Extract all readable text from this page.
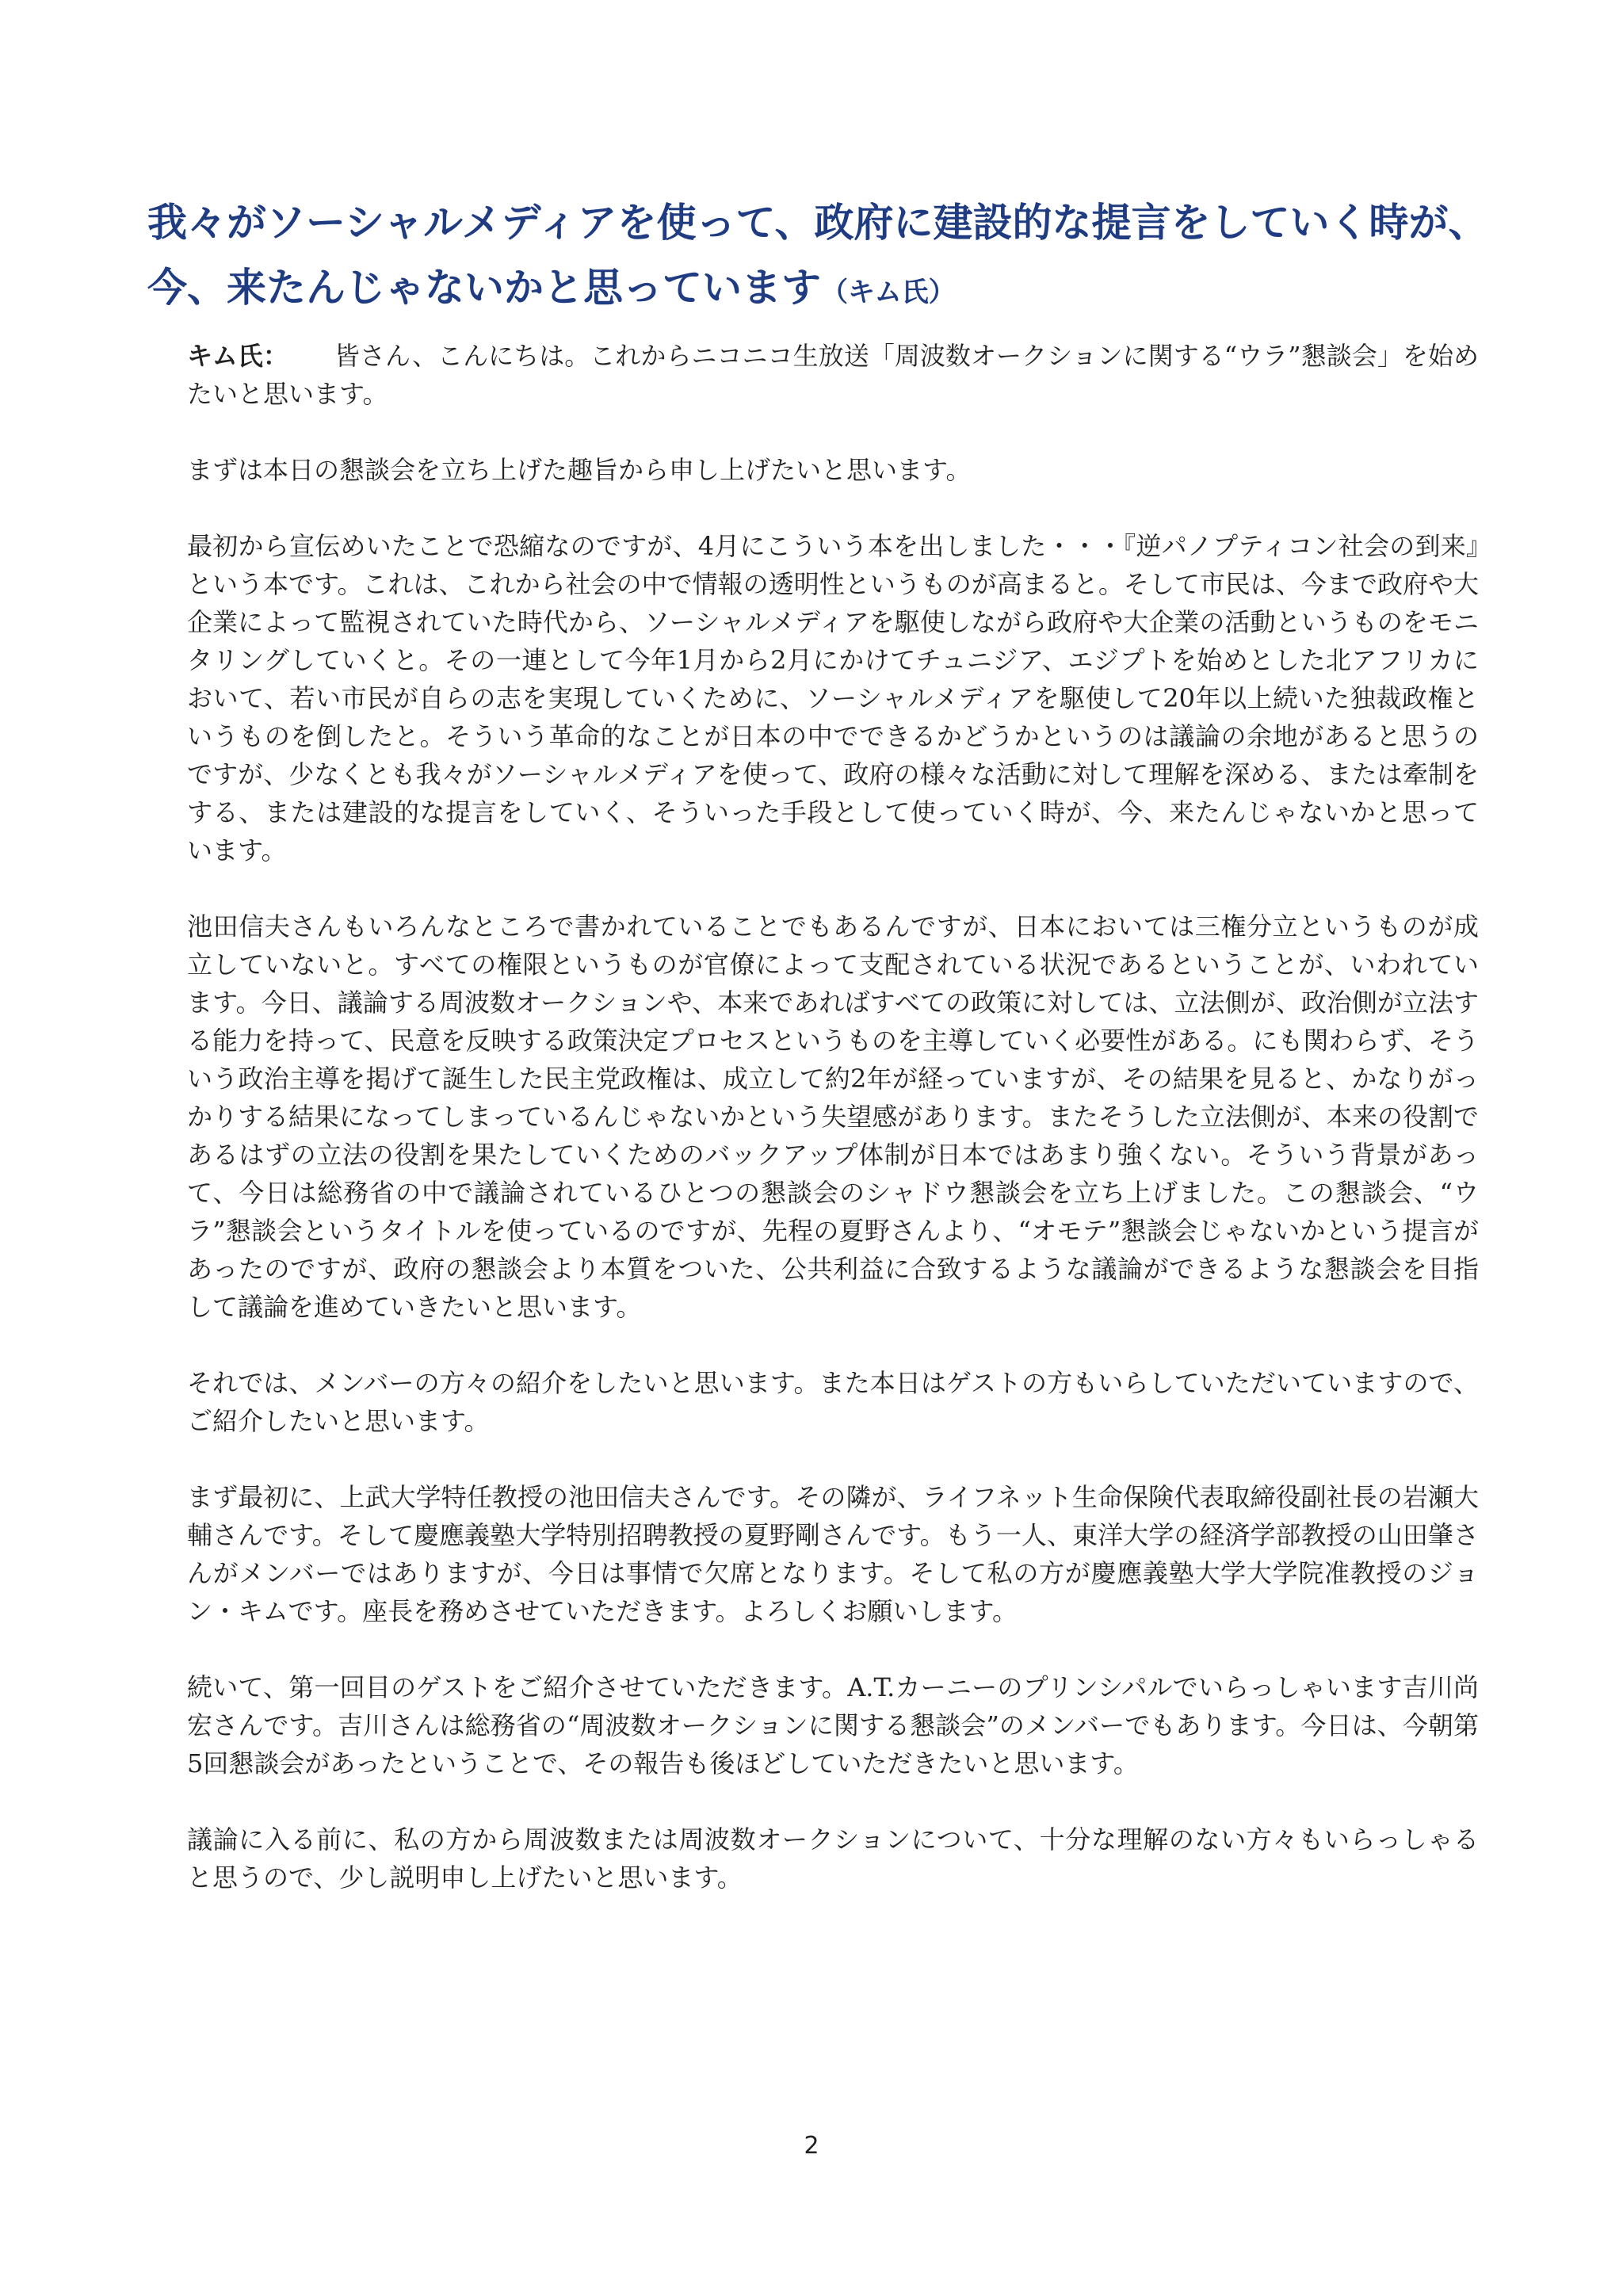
我々がソーシャルメディアを使って、政府に建設的な提言をしていく時が、今、来たんじゃないかと思っています（キム氏）

キム氏： 皆さん、こんにちは。これからニコニコ生放送「周波数オークションに関する“ウラ”懇談会」を始めたいと思います。

まずは本日の懇談会を立ち上げた趣旨から申し上げたいと思います。

最初から宣伝めいたことで恐縮なのですが、4月にこういう本を出しました・・・『逆パノプティコン社会の到来』という本です。これは、これから社会の中で情報の透明性というものが高まると。そして市民は、今まで政府や大企業によって監視されていた時代から、ソーシャルメディアを駆使しながら政府や大企業の活動というものをモニタリングしていくと。その一連として今年1月から2月にかけてチュニジア、エジプトを始めとした北アフリカにおいて、若い市民が自らの志を実現していくために、ソーシャルメディアを駆使して20年以上続いた独裁政権というものを倒したと。そういう革命的なことが日本の中でできるかどうかというのは議論の余地があると思うのですが、少なくとも我々がソーシャルメディアを使って、政府の様々な活動に対して理解を深める、または牽制をする、または建設的な提言をしていく、そういった手段として使っていく時が、今、来たんじゃないかと思っています。

池田信夫さんもいろんなところで書かれていることでもあるんですが、日本においては三権分立というものが成立していないと。すべての権限というものが官僚によって支配されている状況であるということが、いわれています。今日、議論する周波数オークションや、本来であればすべての政策に対しては、立法側が、政治側が立法する能力を持って、民意を反映する政策決定プロセスというものを主導していく必要性がある。にも関わらず、そういう政治主導を掲げて誕生した民主党政権は、成立して約2年が経っていますが、その結果を見ると、かなりがっかりする結果になってしまっているんじゃないかという失望感があります。またそうした立法側が、本来の役割であるはずの立法の役割を果たしていくためのバックアップ体制が日本ではあまり強くない。そういう背景があって、今日は総務省の中で議論されているひとつの懇談会のシャドウ懇談会を立ち上げました。この懇談会、“ウラ”懇談会というタイトルを使っているのですが、先程の夏野さんより、“オモテ”懇談会じゃないかという提言があったのですが、政府の懇談会より本質をついた、公共利益に合致するような議論ができるような懇談会を目指して議論を進めていきたいと思います。

それでは、メンバーの方々の紹介をしたいと思います。また本日はゲストの方もいらしていただいていますので、ご紹介したいと思います。

まず最初に、上武大学特任教授の池田信夫さんです。その隣が、ライフネット生命保険代表取締役副社長の岩瀬大輔さんです。そして慶應義塾大学特別招聘教授の夏野剛さんです。もう一人、東洋大学の経済学部教授の山田肇さんがメンバーではありますが、今日は事情で欠席となります。そして私の方が慶應義塾大学大学院准教授のジョン・キムです。座長を務めさせていただきます。よろしくお願いします。

続いて、第一回目のゲストをご紹介させていただきます。A.T.カーニーのプリンシパルでいらっしゃいます吉川尚宏さんです。吉川さんは総務省の“周波数オークションに関する懇談会”のメンバーでもあります。今日は、今朝第5回懇談会があったということで、その報告も後ほどしていただきたいと思います。

議論に入る前に、私の方から周波数または周波数オークションについて、十分な理解のない方々もいらっしゃると思うので、少し説明申し上げたいと思います。

2
